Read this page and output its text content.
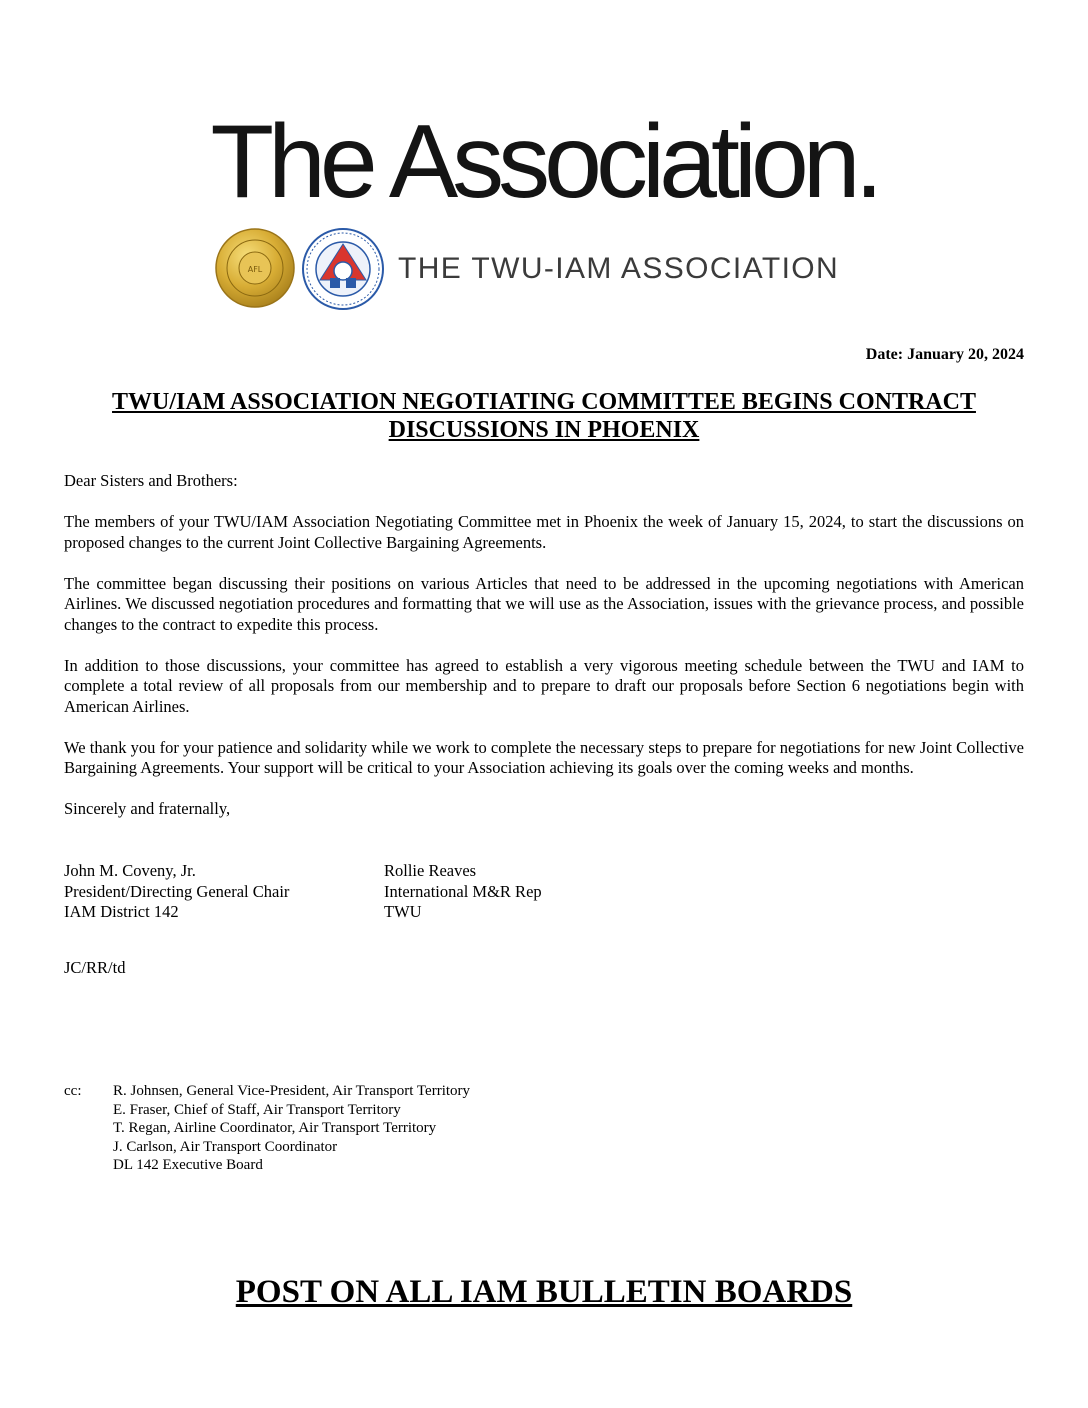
The Association.
AFL	THE TWU-IAM ASSOCIATION
Date: January 20, 2024
TWU/IAM ASSOCIATION NEGOTIATING COMMITTEE BEGINS CONTRACT DISCUSSIONS IN PHOENIX

Dear Sisters and Brothers:

The members of your TWU/IAM Association Negotiating Committee met in Phoenix the week of January 15, 2024, to start the discussions on proposed changes to the current Joint Collective Bargaining Agreements.

The committee began discussing their positions on various Articles that need to be addressed in the upcoming negotiations with American Airlines. We discussed negotiation procedures and formatting that we will use as the Association, issues with the grievance process, and possible changes to the contract to expedite this process.

In addition to those discussions, your committee has agreed to establish a very vigorous meeting schedule between the TWU and IAM to complete a total review of all proposals from our membership and to prepare to draft our proposals before Section 6 negotiations begin with American Airlines.

We thank you for your patience and solidarity while we work to complete the necessary steps to prepare for negotiations for new Joint Collective Bargaining Agreements. Your support will be critical to your Association achieving its goals over the coming weeks and months.

Sincerely and fraternally,

John M. Coveny, Jr.
President/Directing General Chair
IAM District 142
Rollie Reaves
International M&R Rep
TWU
JC/RR/td
cc: R. Johnsen, General Vice-President, Air Transport Territory
E. Fraser, Chief of Staff, Air Transport Territory
T. Regan, Airline Coordinator, Air Transport Territory
J. Carlson, Air Transport Coordinator
DL 142 Executive Board
POST ON ALL IAM BULLETIN BOARDS
